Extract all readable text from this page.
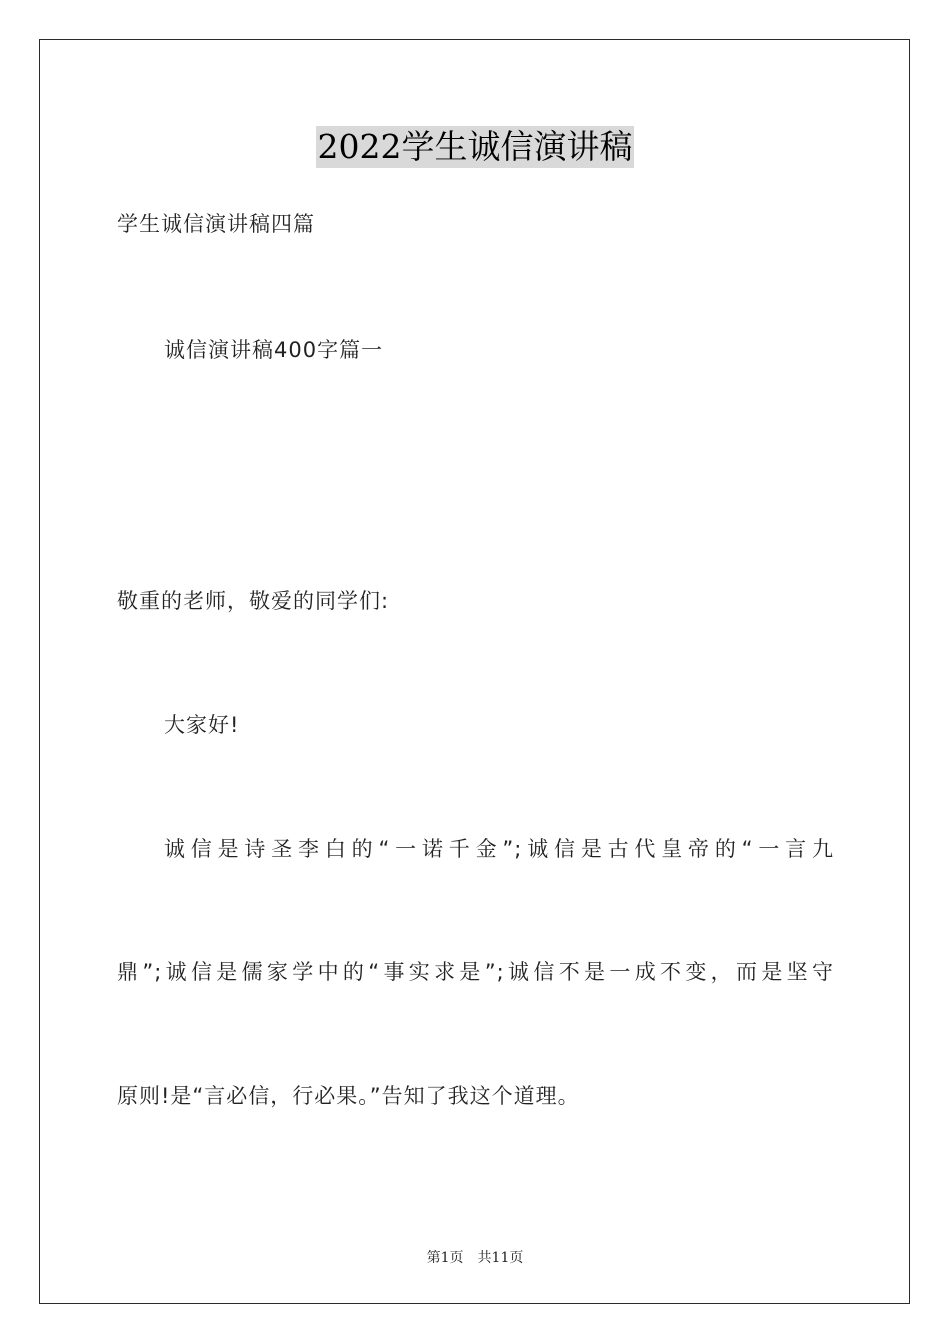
2022学生诚信演讲稿
学生诚信演讲稿四篇
诚信演讲稿400字篇一
敬重的老师，敬爱的同学们:
大家好!
诚信是诗圣李白的“一诺千金”;诚信是古代皇帝的“一言九
鼎”;诚信是儒家学中的“事实求是”;诚信不是一成不变，而是坚守
原则!是“言必信，行必果。”告知了我这个道理。
第1页 共11页
